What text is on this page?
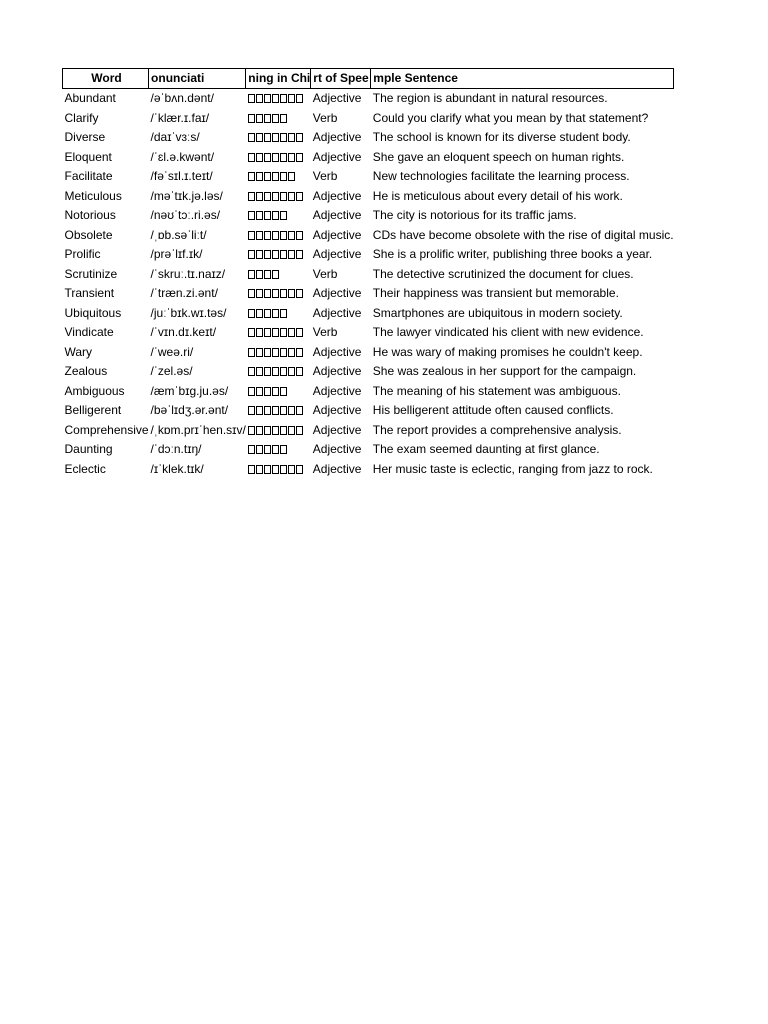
Word	onunciati	ning in Chi	rt of Spee	mple Sentence
Abundant	/əˈbʌn.dənt/		Adjective	The region is abundant in natural resources.
Clarify	/ˈklær.ɪ.faɪ/		Verb	Could you clarify what you mean by that statement?
Diverse	/daɪˈvɜːs/		Adjective	The school is known for its diverse student body.
Eloquent	/ˈɛl.ə.kwənt/		Adjective	She gave an eloquent speech on human rights.
Facilitate	/fəˈsɪl.ɪ.teɪt/		Verb	New technologies facilitate the learning process.
Meticulous	/məˈtɪk.jə.ləs/		Adjective	He is meticulous about every detail of his work.
Notorious	/nəʊˈtɔː.ri.əs/		Adjective	The city is notorious for its traffic jams.
Obsolete	/ˌɒb.səˈliːt/		Adjective	CDs have become obsolete with the rise of digital music.
Prolific	/prəˈlɪf.ɪk/		Adjective	She is a prolific writer, publishing three books a year.
Scrutinize	/ˈskruː.tɪ.naɪz/		Verb	The detective scrutinized the document for clues.
Transient	/ˈtræn.zi.ənt/		Adjective	Their happiness was transient but memorable.
Ubiquitous	/juːˈbɪk.wɪ.təs/		Adjective	Smartphones are ubiquitous in modern society.
Vindicate	/ˈvɪn.dɪ.keɪt/		Verb	The lawyer vindicated his client with new evidence.
Wary	/ˈweə.ri/		Adjective	He was wary of making promises he couldn't keep.
Zealous	/ˈzel.əs/		Adjective	She was zealous in her support for the campaign.
Ambiguous	/æmˈbɪg.ju.əs/		Adjective	The meaning of his statement was ambiguous.
Belligerent	/bəˈlɪdʒ.ər.ənt/		Adjective	His belligerent attitude often caused conflicts.
Comprehensive	/ˌkɒm.prɪˈhen.sɪv/		Adjective	The report provides a comprehensive analysis.
Daunting	/ˈdɔːn.tɪŋ/		Adjective	The exam seemed daunting at first glance.
Eclectic	/ɪˈklek.tɪk/		Adjective	Her music taste is eclectic, ranging from jazz to rock.
